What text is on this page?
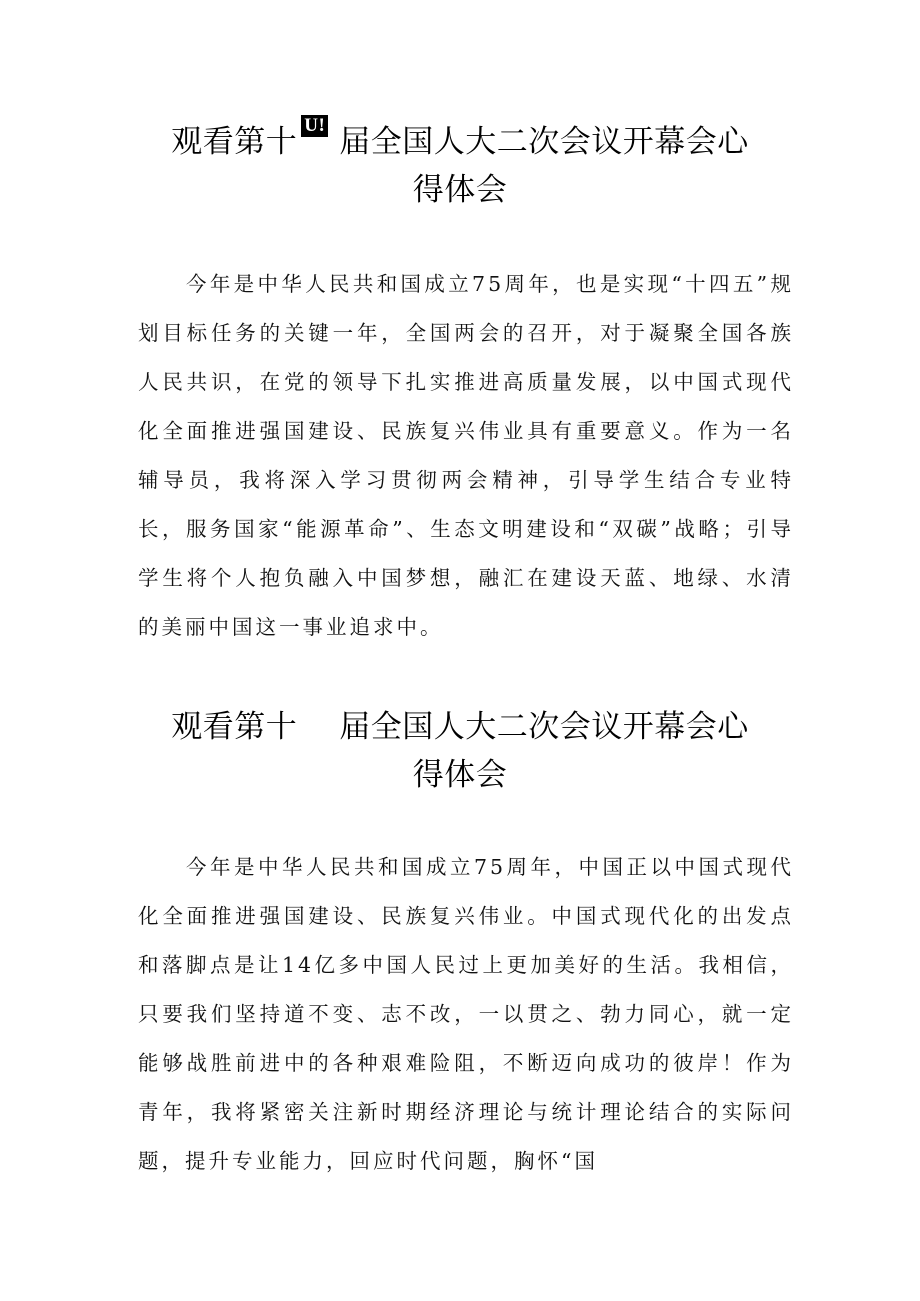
观看第十 U! 届全国人大二次会议开幕会心
得体会

今年是中华人民共和国成立75周年，也是实现“十四五”规划目标任务的关键一年，全国两会的召开，对于凝聚全国各族人民共识，在党的领导下扎实推进高质量发展，以中国式现代化全面推进强国建设、民族复兴伟业具有重要意义。作为一名辅导员，我将深入学习贯彻两会精神，引导学生结合专业特长，服务国家“能源革命”、生态文明建设和“双碳”战略；引导学生将个人抱负融入中国梦想，融汇在建设天蓝、地绿、水清的美丽中国这一事业追求中。

观看第十 届全国人大二次会议开幕会心
得体会

今年是中华人民共和国成立75周年，中国正以中国式现代化全面推进强国建设、民族复兴伟业。中国式现代化的出发点和落脚点是让14亿多中国人民过上更加美好的生活。我相信，只要我们坚持道不变、志不改，一以贯之、勃力同心，就一定能够战胜前进中的各种艰难险阻，不断迈向成功的彼岸！作为青年，我将紧密关注新时期经济理论与统计理论结合的实际问题，提升专业能力，回应时代问题，胸怀“国
